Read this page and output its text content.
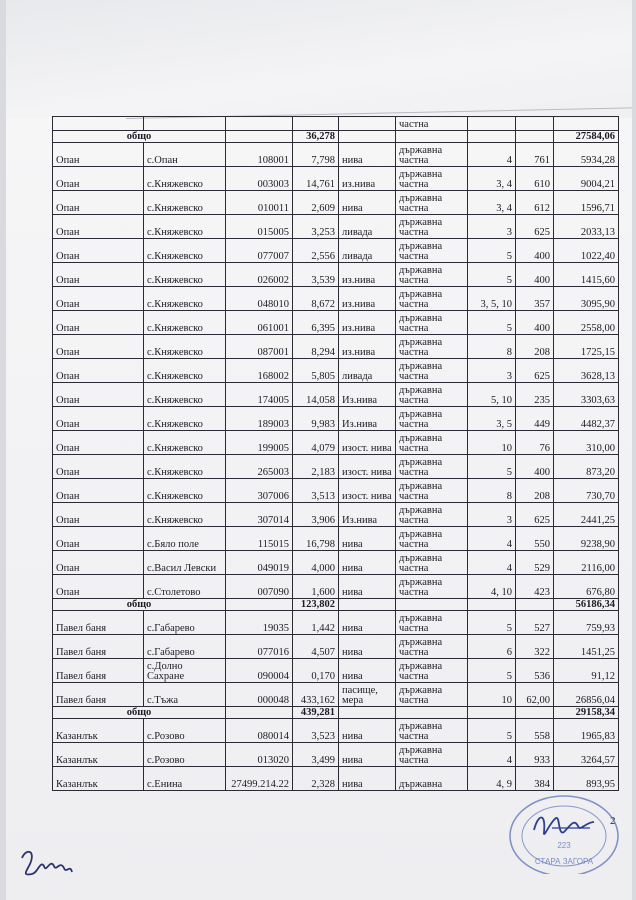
					частна			
общо			36,278					27584,06
Опан	с.Опан	108001	7,798	нива	държавна частна	4	761	5934,28
Опан	с.Княжевско	003003	14,761	из.нива	държавна частна	3, 4	610	9004,21
Опан	с.Княжевско	010011	2,609	нива	държавна частна	3, 4	612	1596,71
Опан	с.Княжевско	015005	3,253	ливада	държавна частна	3	625	2033,13
Опан	с.Княжевско	077007	2,556	ливада	държавна частна	5	400	1022,40
Опан	с.Княжевско	026002	3,539	из.нива	държавна частна	5	400	1415,60
Опан	с.Княжевско	048010	8,672	из.нива	държавна частна	3, 5, 10	357	3095,90
Опан	с.Княжевско	061001	6,395	из.нива	държавна частна	5	400	2558,00
Опан	с.Княжевско	087001	8,294	из.нива	държавна частна	8	208	1725,15
Опан	с.Княжевско	168002	5,805	ливада	държавна частна	3	625	3628,13
Опан	с.Княжевско	174005	14,058	Из.нива	държавна частна	5, 10	235	3303,63
Опан	с.Княжевско	189003	9,983	Из.нива	държавна частна	3, 5	449	4482,37
Опан	с.Княжевско	199005	4,079	изост. нива	държавна частна	10	76	310,00
Опан	с.Княжевско	265003	2,183	изост. нива	държавна частна	5	400	873,20
Опан	с.Княжевско	307006	3,513	изост. нива	държавна частна	8	208	730,70
Опан	с.Княжевско	307014	3,906	Из.нива	държавна частна	3	625	2441,25
Опан	с.Бяло поле	115015	16,798	нива	държавна частна	4	550	9238,90
Опан	с.Васил Левски	049019	4,000	нива	държавна частна	4	529	2116,00
Опан	с.Столетово	007090	1,600	нива	държавна частна	4, 10	423	676,80
общо			123,802					56186,34
Павел баня	с.Габарево	19035	1,442	нива	държавна частна	5	527	759,93
Павел баня	с.Габарево	077016	4,507	нива	държавна частна	6	322	1451,25
Павел баня	с.Долно Сахране	090004	0,170	нива	държавна частна	5	536	91,12
Павел баня	с.Тъжа	000048	433,162	пасище, мера	държавна частна	10	62,00	26856,04
общо			439,281					29158,34
Казанлък	с.Розово	080014	3,523	нива	държавна частна	5	558	1965,83
Казанлък	с.Розово	013020	3,499	нива	държавна частна	4	933	3264,57
Казанлък	с.Енина	27499.214.22	2,328	нива	държавна	4, 9	384	893,95
2
СТАРА ЗАГОРА
223
